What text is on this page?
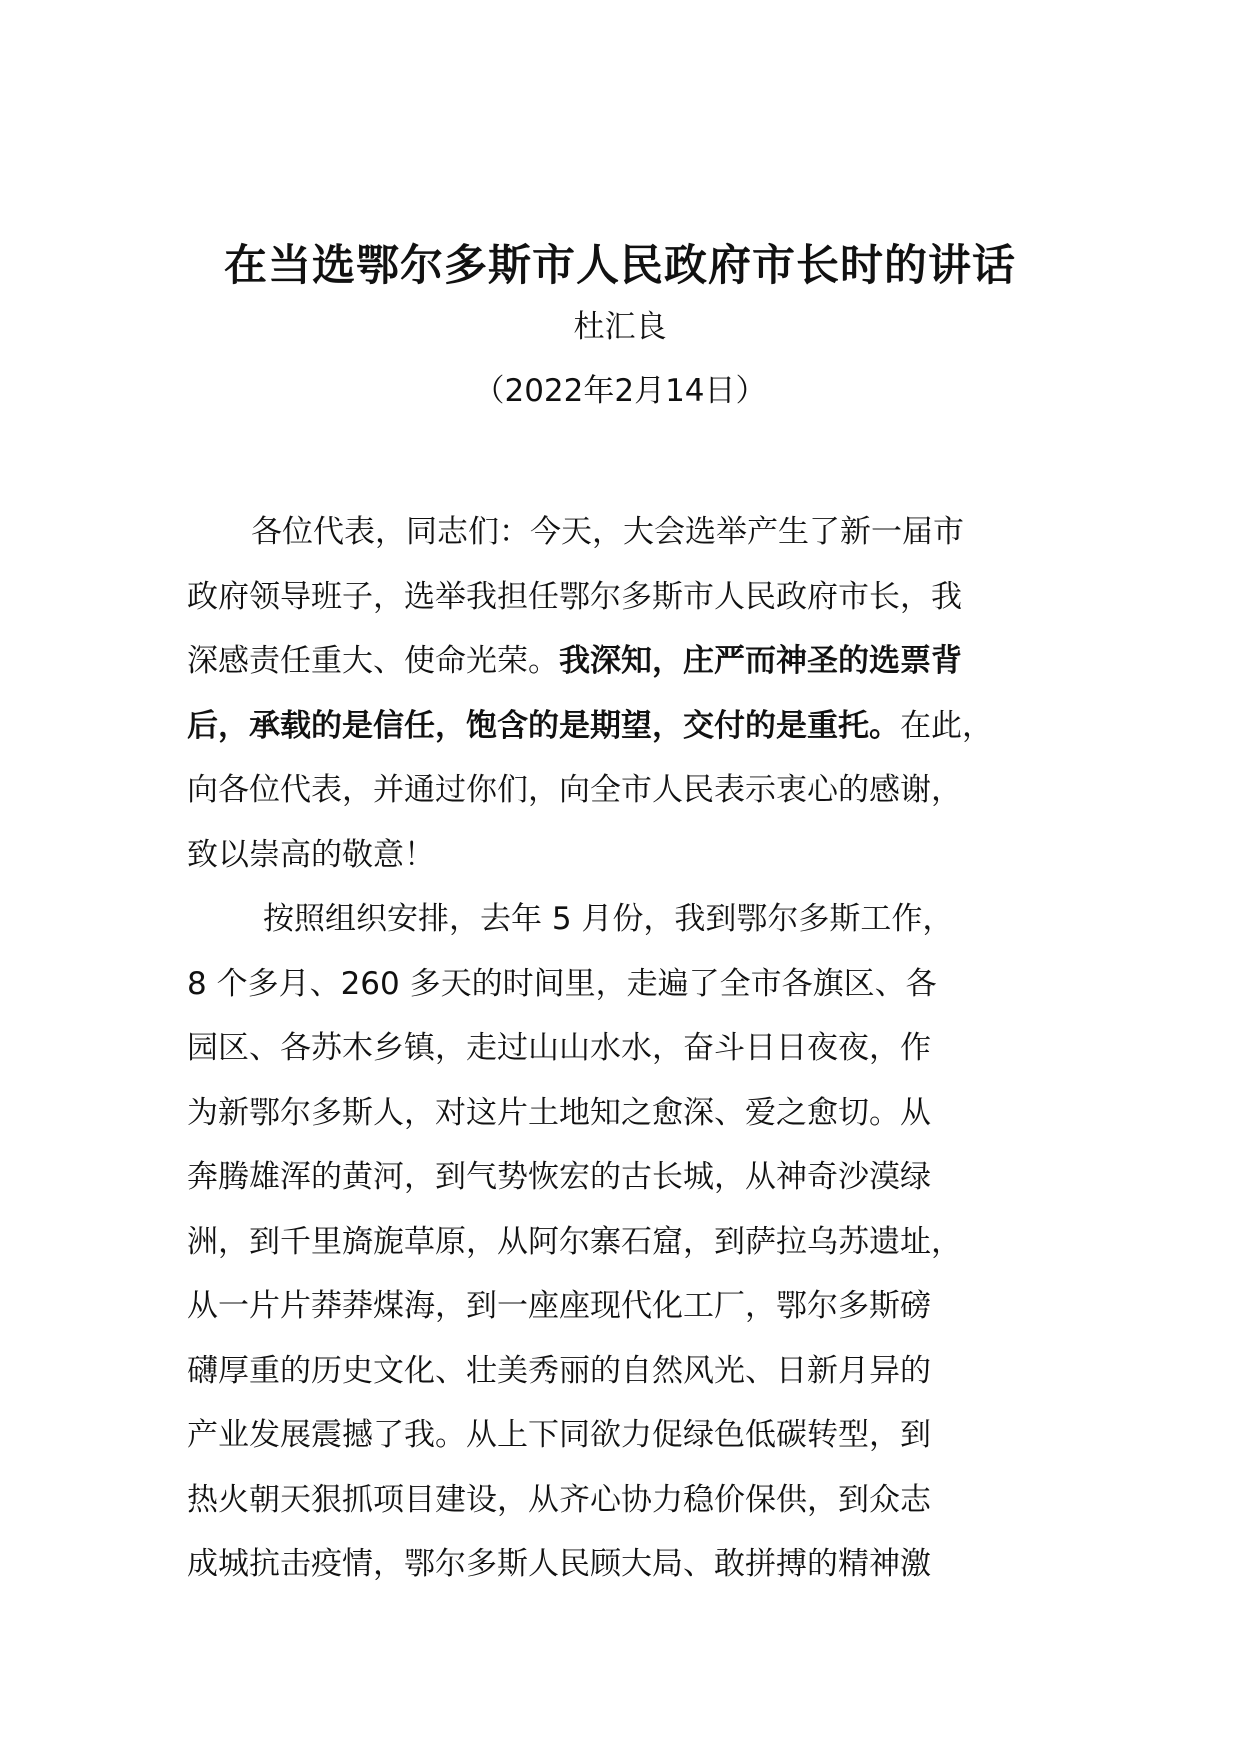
在当选鄂尔多斯市人民政府市长时的讲话
杜汇良
（2022年2月14日）
各位代表，同志们：今天，大会选举产生了新一届市
政府领导班子，选举我担任鄂尔多斯市人民政府市长，我
深感责任重大、使命光荣。我深知，庄严而神圣的选票背
后，承载的是信任，饱含的是期望，交付的是重托。在此，
向各位代表，并通过你们，向全市人民表示衷心的感谢，
致以崇高的敬意！
按照组织安排，去年 5 月份，我到鄂尔多斯工作，
8 个多月、260 多天的时间里，走遍了全市各旗区、各
园区、各苏木乡镇，走过山山水水，奋斗日日夜夜，作
为新鄂尔多斯人，对这片土地知之愈深、爱之愈切。从
奔腾雄浑的黄河，到气势恢宏的古长城，从神奇沙漠绿
洲，到千里旖旎草原，从阿尔寨石窟，到萨拉乌苏遗址，
从一片片莽莽煤海，到一座座现代化工厂，鄂尔多斯磅
礴厚重的历史文化、壮美秀丽的自然风光、日新月异的
产业发展震撼了我。从上下同欲力促绿色低碳转型，到
热火朝天狠抓项目建设，从齐心协力稳价保供，到众志
成城抗击疫情，鄂尔多斯人民顾大局、敢拼搏的精神激
